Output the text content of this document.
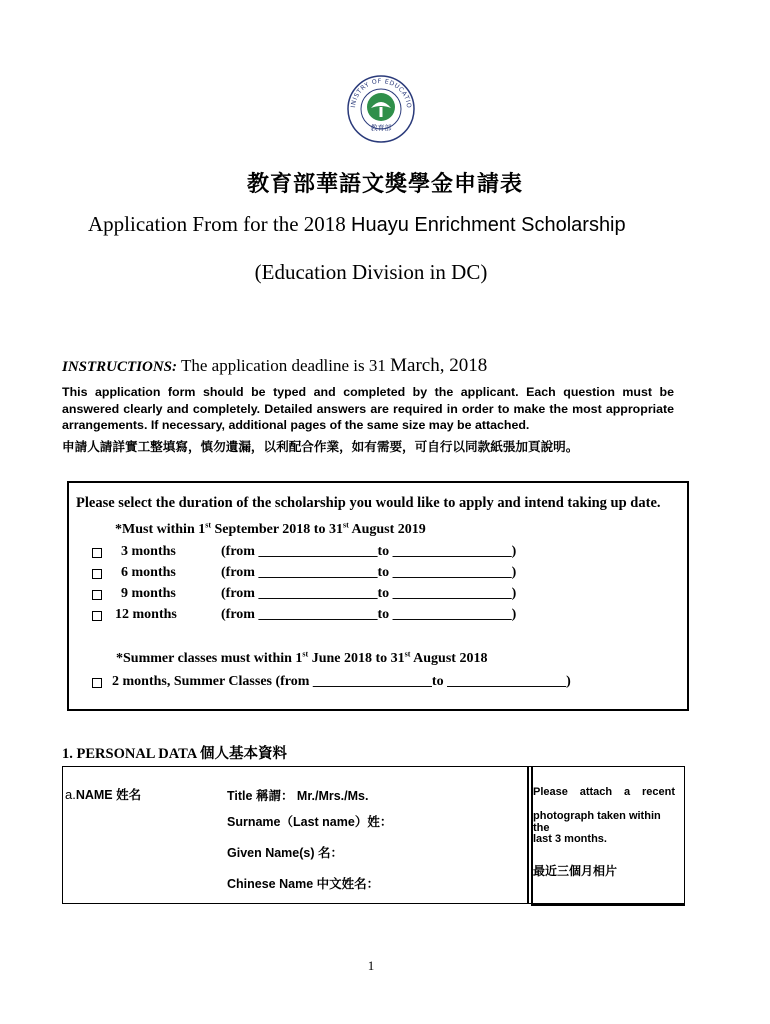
教育部
INISTRY OF EDUCATIO
教育部華語文獎學金申請表
Application From for the 2018 Huayu Enrichment Scholarship
(Education Division in DC)
INSTRUCTIONS: The application deadline is 31 March, 2018
This application form should be typed and completed by the applicant. Each question must be answered clearly and completely. Detailed answers are required in order to make the most appropriate arrangements. If necessary, additional pages of the same size may be attached.
申請人請詳實工整填寫，慎勿遺漏，以利配合作業，如有需要，可自行以同款紙張加頁說明。
Please select the duration of the scholarship you would like to apply and intend taking up date.
*Must within 1st September 2018 to 31st August 2019
3 months	(from _________________to _________________)
6 months	(from _________________to _________________)
9 months	(from _________________to _________________)
12 months	(from _________________to _________________)
*Summer classes must within 1st June 2018 to 31st August 2018
2 months, Summer Classes (from _________________to _________________)
1. PERSONAL DATA 個人基本資料
a.NAME 姓名	Title 稱謂： Mr./Mrs./Ms.
Surname（Last name）姓：
Given Name(s) 名：
Chinese Name 中文姓名：
Please attach a recent
photograph taken within the
last 3 months.
最近三個月相片
1
